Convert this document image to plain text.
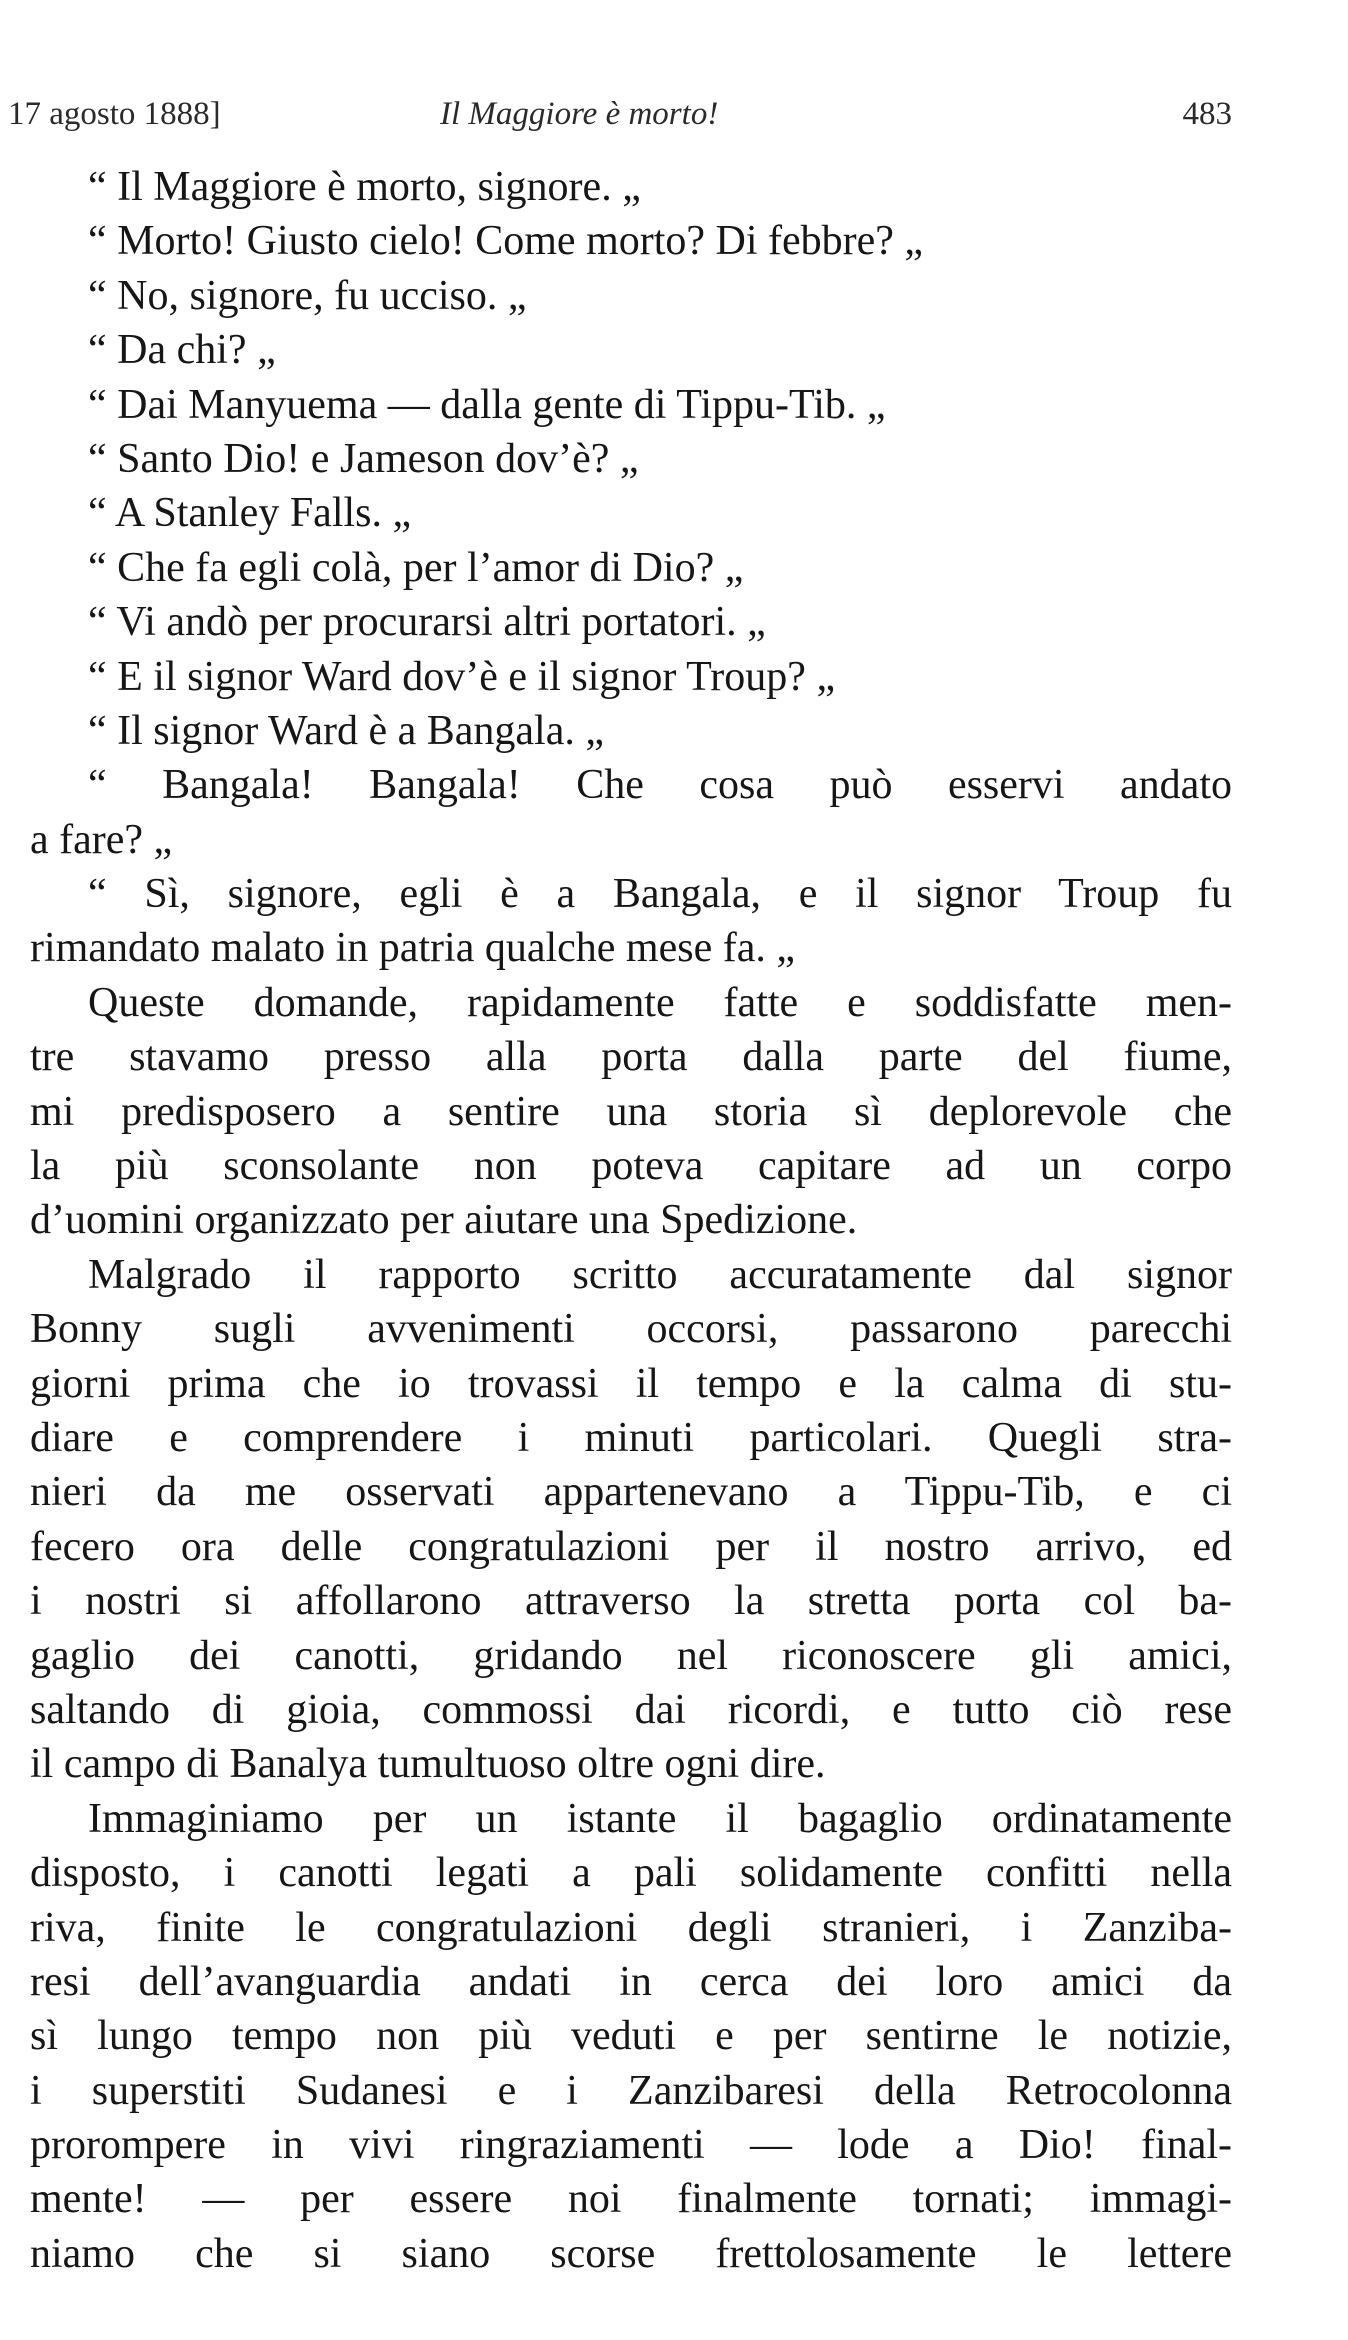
17 agosto 1888]	Il Maggiore è morto!	483
“ Il Maggiore è morto, signore. „
“ Morto! Giusto cielo! Come morto? Di febbre? „
“ No, signore, fu ucciso. „
“ Da chi? „
“ Dai Manyuema — dalla gente di Tippu-Tib. „
“ Santo Dio! e Jameson dov’è? „
“ A Stanley Falls. „
“ Che fa egli colà, per l’amor di Dio? „
“ Vi andò per procurarsi altri portatori. „
“ E il signor Ward dov’è e il signor Troup? „
“ Il signor Ward è a Bangala. „
“ Bangala! Bangala! Che cosa può esservi andato
a fare? „
“ Sì, signore, egli è a Bangala, e il signor Troup fu
rimandato malato in patria qualche mese fa. „
Queste domande, rapidamente fatte e soddisfatte men-
tre stavamo presso alla porta dalla parte del fiume,
mi predisposero a sentire una storia sì deplorevole che
la più sconsolante non poteva capitare ad un corpo
d’uomini organizzato per aiutare una Spedizione.
Malgrado il rapporto scritto accuratamente dal signor
Bonny sugli avvenimenti occorsi, passarono parecchi
giorni prima che io trovassi il tempo e la calma di stu-
diare e comprendere i minuti particolari. Quegli stra-
nieri da me osservati appartenevano a Tippu-Tib, e ci
fecero ora delle congratulazioni per il nostro arrivo, ed
i nostri si affollarono attraverso la stretta porta col ba-
gaglio dei canotti, gridando nel riconoscere gli amici,
saltando di gioia, commossi dai ricordi, e tutto ciò rese
il campo di Banalya tumultuoso oltre ogni dire.
Immaginiamo per un istante il bagaglio ordinatamente
disposto, i canotti legati a pali solidamente confitti nella
riva, finite le congratulazioni degli stranieri, i Zanziba-
resi dell’avanguardia andati in cerca dei loro amici da
sì lungo tempo non più veduti e per sentirne le notizie,
i superstiti Sudanesi e i Zanzibaresi della Retrocolonna
prorompere in vivi ringraziamenti — lode a Dio! final-
mente! — per essere noi finalmente tornati; immagi-
niamo che si siano scorse frettolosamente le lettere
